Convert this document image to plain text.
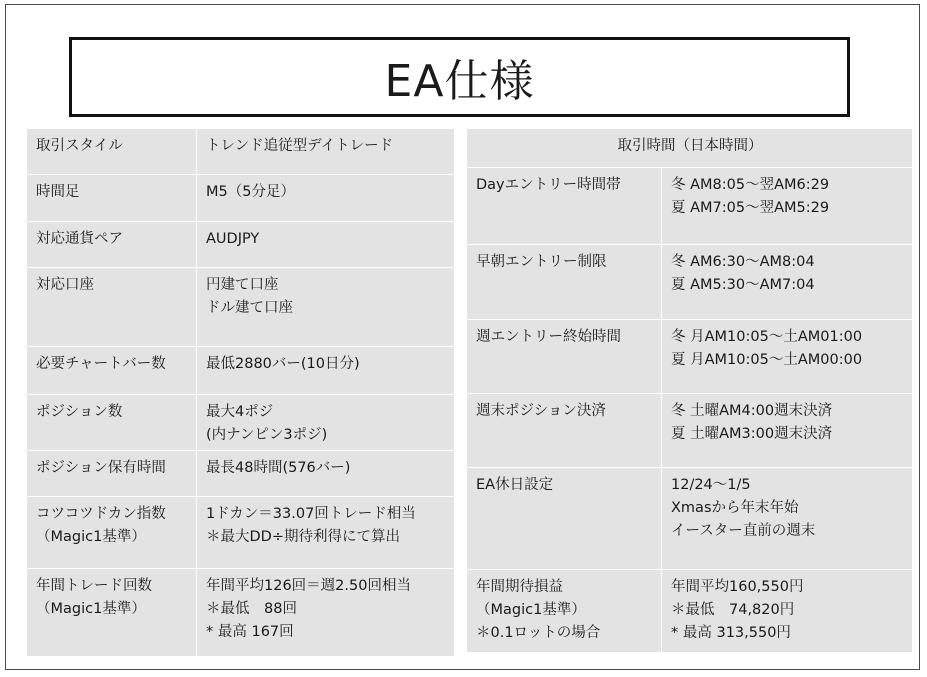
EA仕様
取引スタイル	トレンド追従型デイトレード

時間足	M5（5分足）

対応通貨ペア	AUDJPY

対応口座	円建て口座
ドル建て口座

必要チャートバー数	最低2880バー(10日分)

ポジション数	最大4ポジ
(内ナンピン3ポジ)

ポジション保有時間	最長48時間(576バー)

コツコツドカン指数
（Magic1基準）	1ドカン＝33.07回トレード相当
＊最大DD÷期待利得にて算出

年間トレード回数
（Magic1基準）	年間平均126回＝週2.50回相当
＊最低　88回
* 最高 167回
取引時間（日本時間）	

Dayエントリー時間帯	冬 AM8:05～翌AM6:29
夏 AM7:05～翌AM5:29

早朝エントリー制限	冬 AM6:30～AM8:04
夏 AM5:30～AM7:04

週エントリー終始時間	冬 月AM10:05～土AM01:00
夏 月AM10:05～土AM00:00

週末ポジション決済	冬 土曜AM4:00週末決済
夏 土曜AM3:00週末決済

EA休日設定	12/24～1/5
Xmasから年末年始
イースター直前の週末

年間期待損益
（Magic1基準）
＊0.1ロットの場合	年間平均160,550円
＊最低　74,820円
* 最高 313,550円
